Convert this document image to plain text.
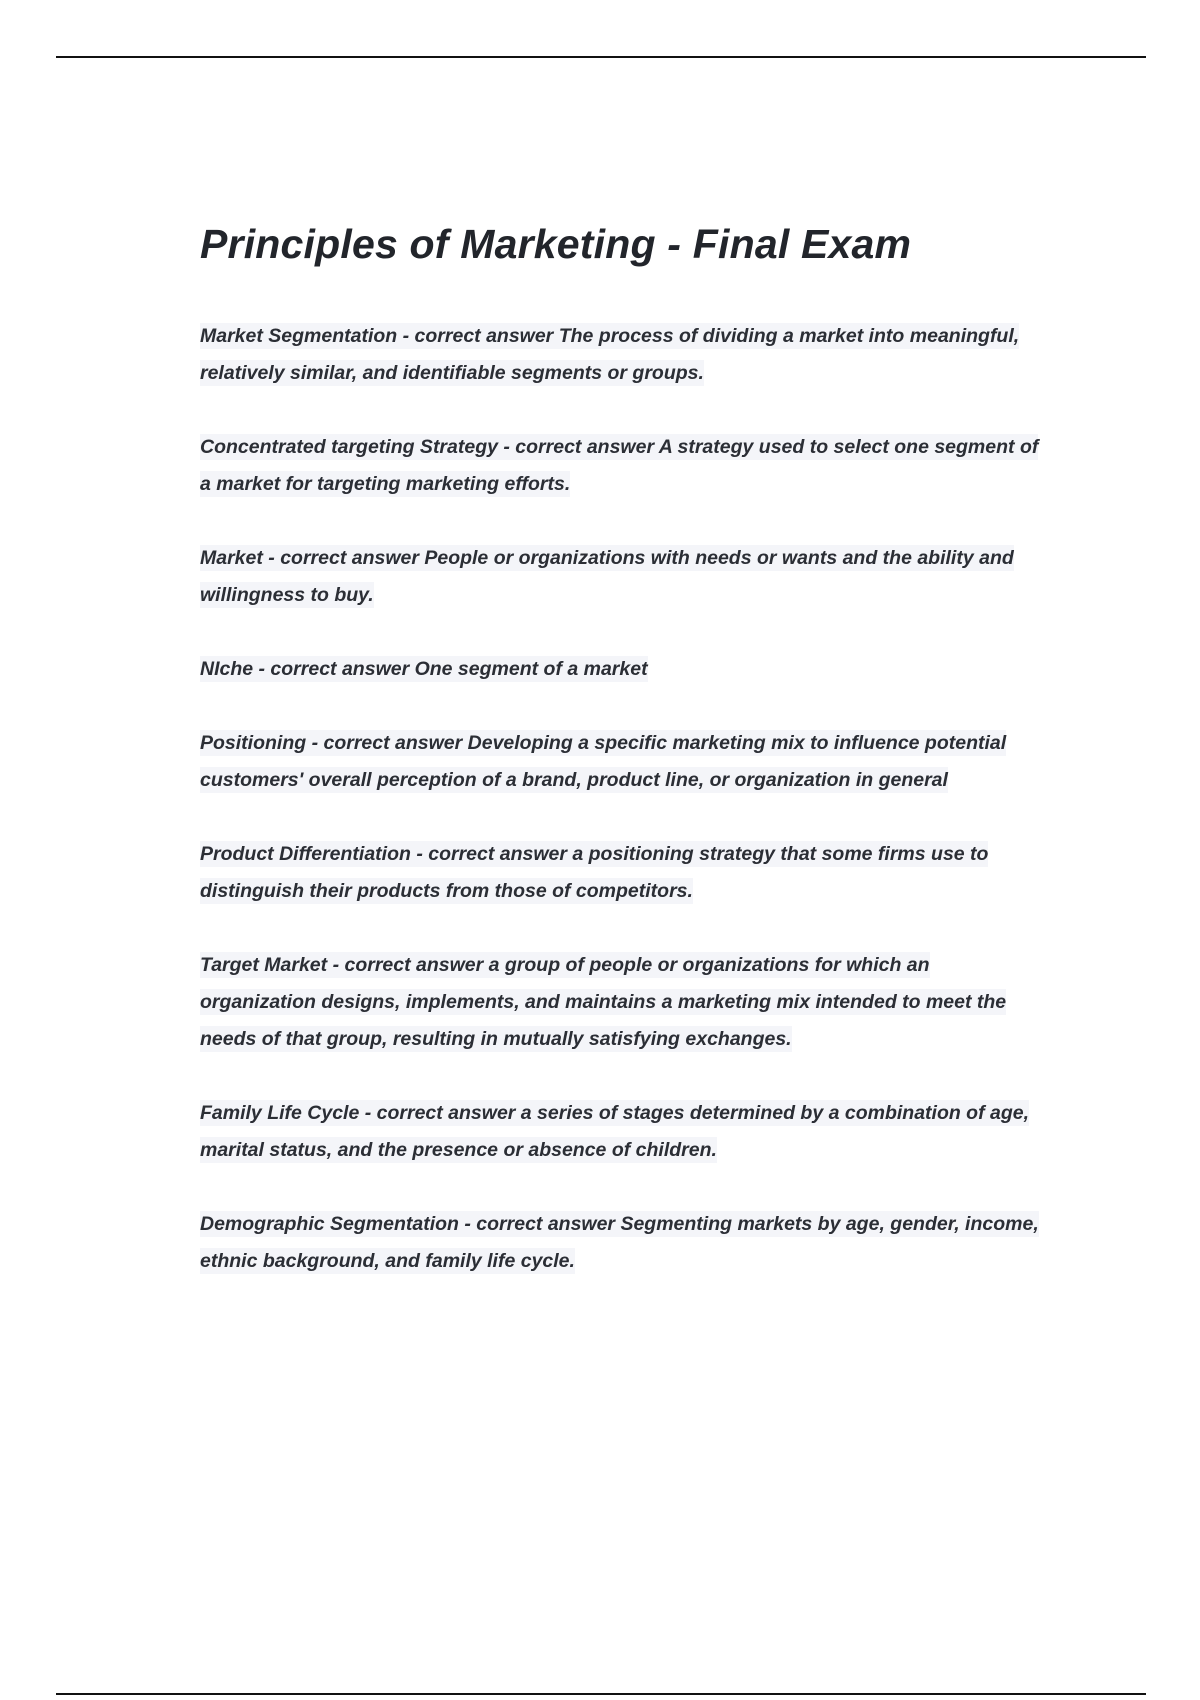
Principles of Marketing - Final Exam
Market Segmentation - correct answer The process of dividing a market into meaningful, relatively similar, and identifiable segments or groups.
Concentrated targeting Strategy - correct answer A strategy used to select one segment of a market for targeting marketing efforts.
Market - correct answer People or organizations with needs or wants and the ability and willingness to buy.
NIche - correct answer One segment of a market
Positioning - correct answer Developing a specific marketing mix to influence potential customers' overall perception of a brand, product line, or organization in general
Product Differentiation - correct answer a positioning strategy that some firms use to distinguish their products from those of competitors.
Target Market - correct answer a group of people or organizations for which an organization designs, implements, and maintains a marketing mix intended to meet the needs of that group, resulting in mutually satisfying exchanges.
Family Life Cycle - correct answer a series of stages determined by a combination of age, marital status, and the presence or absence of children.
Demographic Segmentation - correct answer Segmenting markets by age, gender, income, ethnic background, and family life cycle.
